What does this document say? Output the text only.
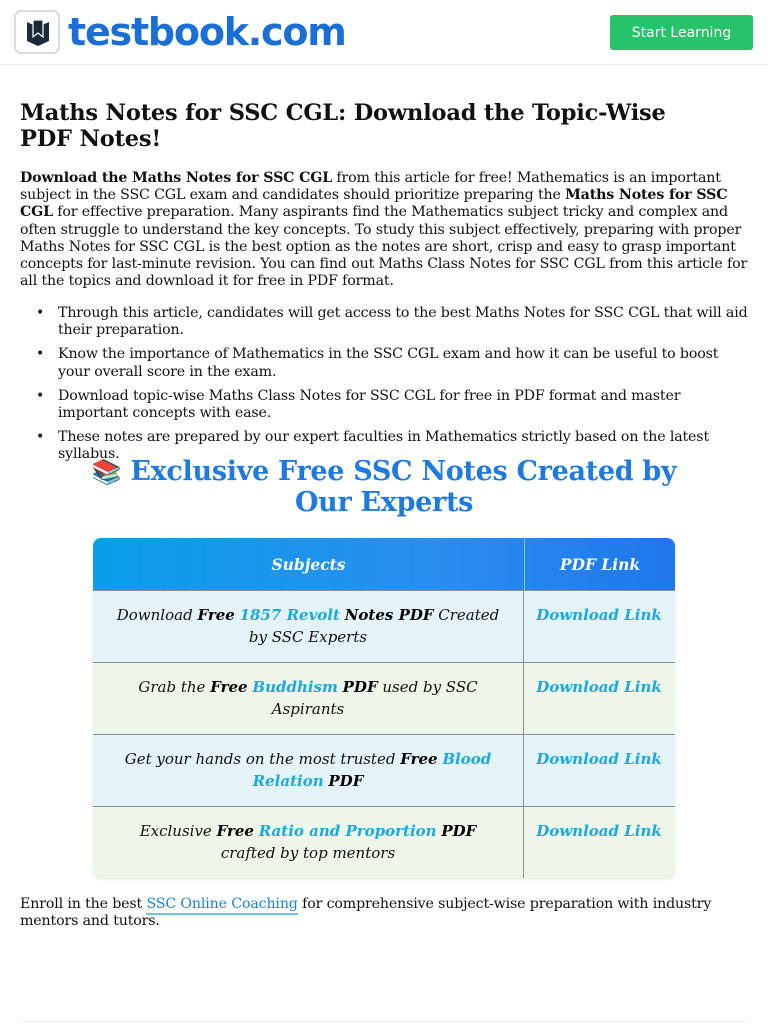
testbook.com	Start Learning
Maths Notes for SSC CGL: Download the Topic-Wise PDF Notes!

Download the Maths Notes for SSC CGL from this article for free! Mathematics is an important subject in the SSC CGL exam and candidates should prioritize preparing the Maths Notes for SSC CGL for effective preparation. Many aspirants find the Mathematics subject tricky and complex and often struggle to understand the key concepts. To study this subject effectively, preparing with proper Maths Notes for SSC CGL is the best option as the notes are short, crisp and easy to grasp important concepts for last-minute revision. You can find out Maths Class Notes for SSC CGL from this article for all the topics and download it for free in PDF format.

• Through this article, candidates will get access to the best Maths Notes for SSC CGL that will aid their preparation.
• Know the importance of Mathematics in the SSC CGL exam and how it can be useful to boost your overall score in the exam.
• Download topic-wise Maths Class Notes for SSC CGL for free in PDF format and master important concepts with ease.
• These notes are prepared by our expert faculties in Mathematics strictly based on the latest syllabus.
📚 Exclusive Free SSC Notes Created by Our Experts
Subjects	PDF Link
Download Free 1857 Revolt Notes PDF Created by SSC Experts
Download Link
Grab the Free Buddhism PDF used by SSC Aspirants
Download Link
Get your hands on the most trusted Free Blood Relation PDF
Download Link
Exclusive Free Ratio and Proportion PDF crafted by top mentors
Download Link

Enroll in the best SSC Online Coaching for comprehensive subject-wise preparation with industry mentors and tutors.
